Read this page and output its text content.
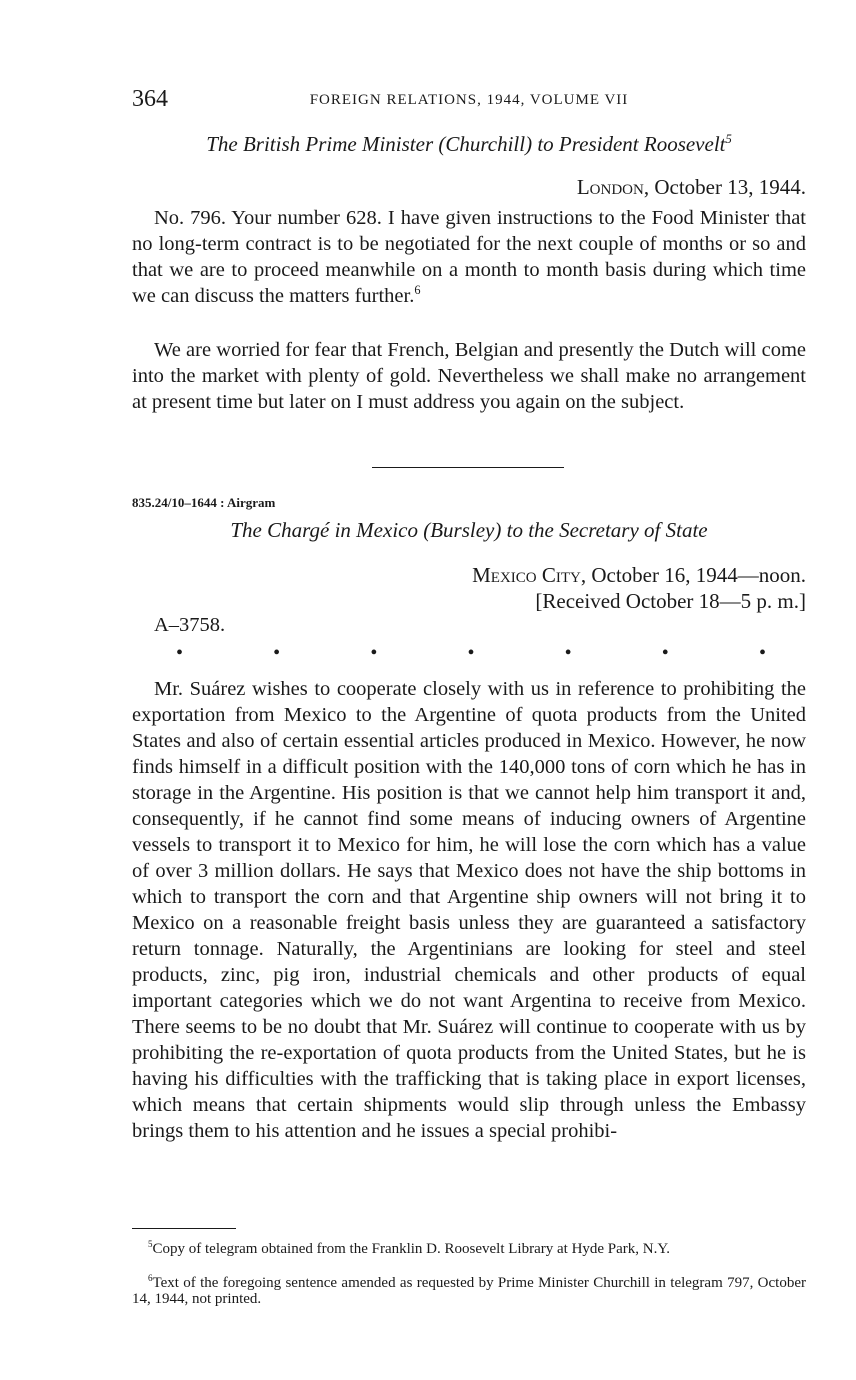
364	FOREIGN RELATIONS, 1944, VOLUME VII
The British Prime Minister (Churchill) to President Roosevelt$^5$
London, October 13, 1944.

No. 796. Your number 628. I have given instructions to the Food Minister that no long-term contract is to be negotiated for the next couple of months or so and that we are to proceed meanwhile on a month to month basis during which time we can discuss the matters further.$^6$

We are worried for fear that French, Belgian and presently the Dutch will come into the market with plenty of gold. Nevertheless we shall make no arrangement at present time but later on I must address you again on the subject.

835.24/10–1644 : Airgram
The Chargé in Mexico (Bursley) to the Secretary of State
Mexico City, October 16, 1944—noon.
[Received October 18—5 p. m.]
A–3758.
•	•	•	•	•	•	•

Mr. Suárez wishes to cooperate closely with us in reference to prohibiting the exportation from Mexico to the Argentine of quota products from the United States and also of certain essential articles produced in Mexico. However, he now finds himself in a difficult position with the 140,000 tons of corn which he has in storage in the Argentine. His position is that we cannot help him transport it and, consequently, if he cannot find some means of inducing owners of Argentine vessels to transport it to Mexico for him, he will lose the corn which has a value of over 3 million dollars. He says that Mexico does not have the ship bottoms in which to transport the corn and that Argentine ship owners will not bring it to Mexico on a reasonable freight basis unless they are guaranteed a satisfactory return tonnage. Naturally, the Argentinians are looking for steel and steel products, zinc, pig iron, industrial chemicals and other products of equal important categories which we do not want Argentina to receive from Mexico. There seems to be no doubt that Mr. Suárez will continue to cooperate with us by prohibiting the re-exportation of quota products from the United States, but he is having his difficulties with the trafficking that is taking place in export licenses, which means that certain shipments would slip through unless the Embassy brings them to his attention and he issues a special prohibi-

$^5$Copy of telegram obtained from the Franklin D. Roosevelt Library at Hyde Park, N.Y.

$^6$Text of the foregoing sentence amended as requested by Prime Minister Churchill in telegram 797, October 14, 1944, not printed.
